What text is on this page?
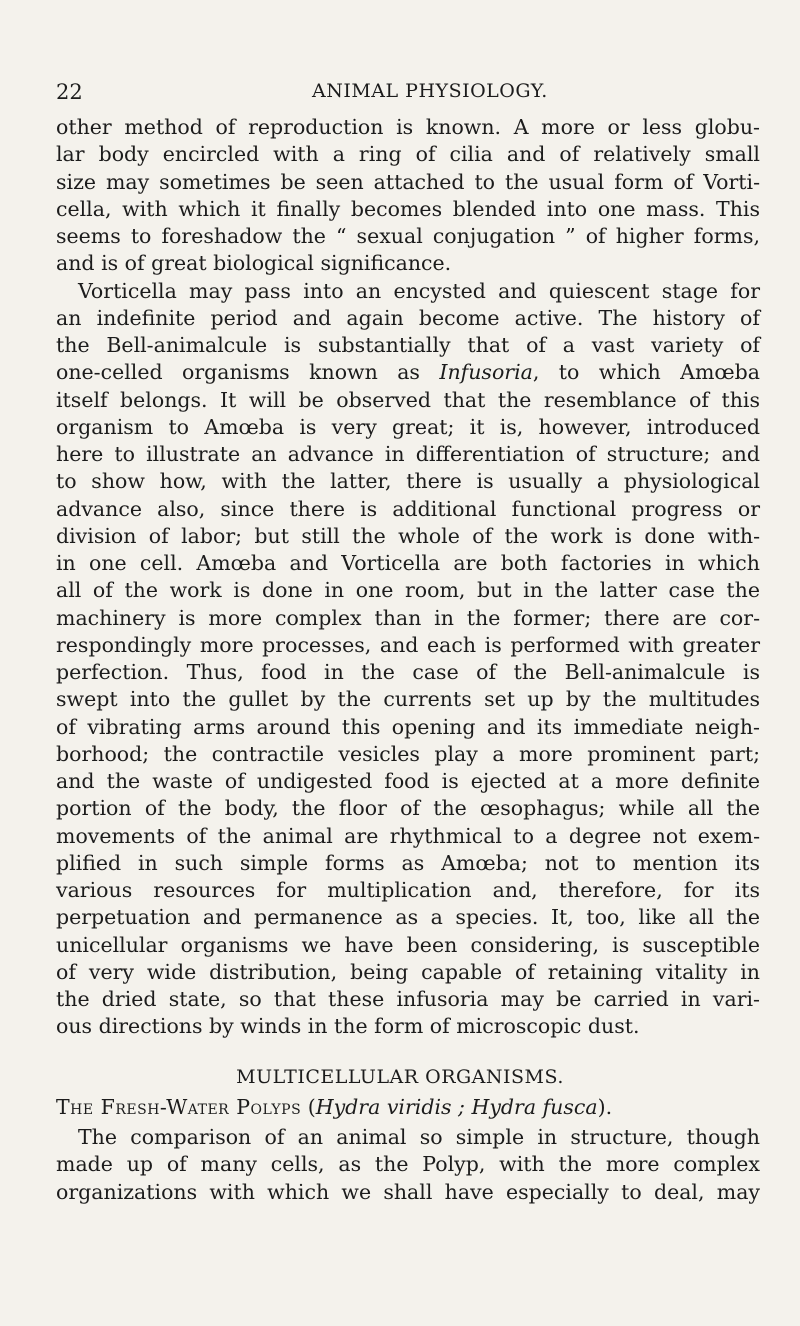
22	ANIMAL PHYSIOLOGY.
other method of reproduction is known. A more or less globu-
lar body encircled with a ring of cilia and of relatively small
size may sometimes be seen attached to the usual form of Vorti-
cella, with which it finally becomes blended into one mass. This
seems to foreshadow the “ sexual conjugation ” of higher forms,
and is of great biological significance.
Vorticella may pass into an encysted and quiescent stage for
an indefinite period and again become active. The history of
the Bell-animalcule is substantially that of a vast variety of
one-celled organisms known as Infusoria, to which Amœba
itself belongs. It will be observed that the resemblance of this
organism to Amœba is very great; it is, however, introduced
here to illustrate an advance in differentiation of structure; and
to show how, with the latter, there is usually a physiological
advance also, since there is additional functional progress or
division of labor; but still the whole of the work is done with-
in one cell. Amœba and Vorticella are both factories in which
all of the work is done in one room, but in the latter case the
machinery is more complex than in the former; there are cor-
respondingly more processes, and each is performed with greater
perfection. Thus, food in the case of the Bell-animalcule is
swept into the gullet by the currents set up by the multitudes
of vibrating arms around this opening and its immediate neigh-
borhood; the contractile vesicles play a more prominent part;
and the waste of undigested food is ejected at a more definite
portion of the body, the floor of the œsophagus; while all the
movements of the animal are rhythmical to a degree not exem-
plified in such simple forms as Amœba; not to mention its
various resources for multiplication and, therefore, for its
perpetuation and permanence as a species. It, too, like all the
unicellular organisms we have been considering, is susceptible
of very wide distribution, being capable of retaining vitality in
the dried state, so that these infusoria may be carried in vari-
ous directions by winds in the form of microscopic dust.
MULTICELLULAR ORGANISMS.
The Fresh-Water Polyps (Hydra viridis ; Hydra fusca).
The comparison of an animal so simple in structure, though
made up of many cells, as the Polyp, with the more complex
organizations with which we shall have especially to deal, may
